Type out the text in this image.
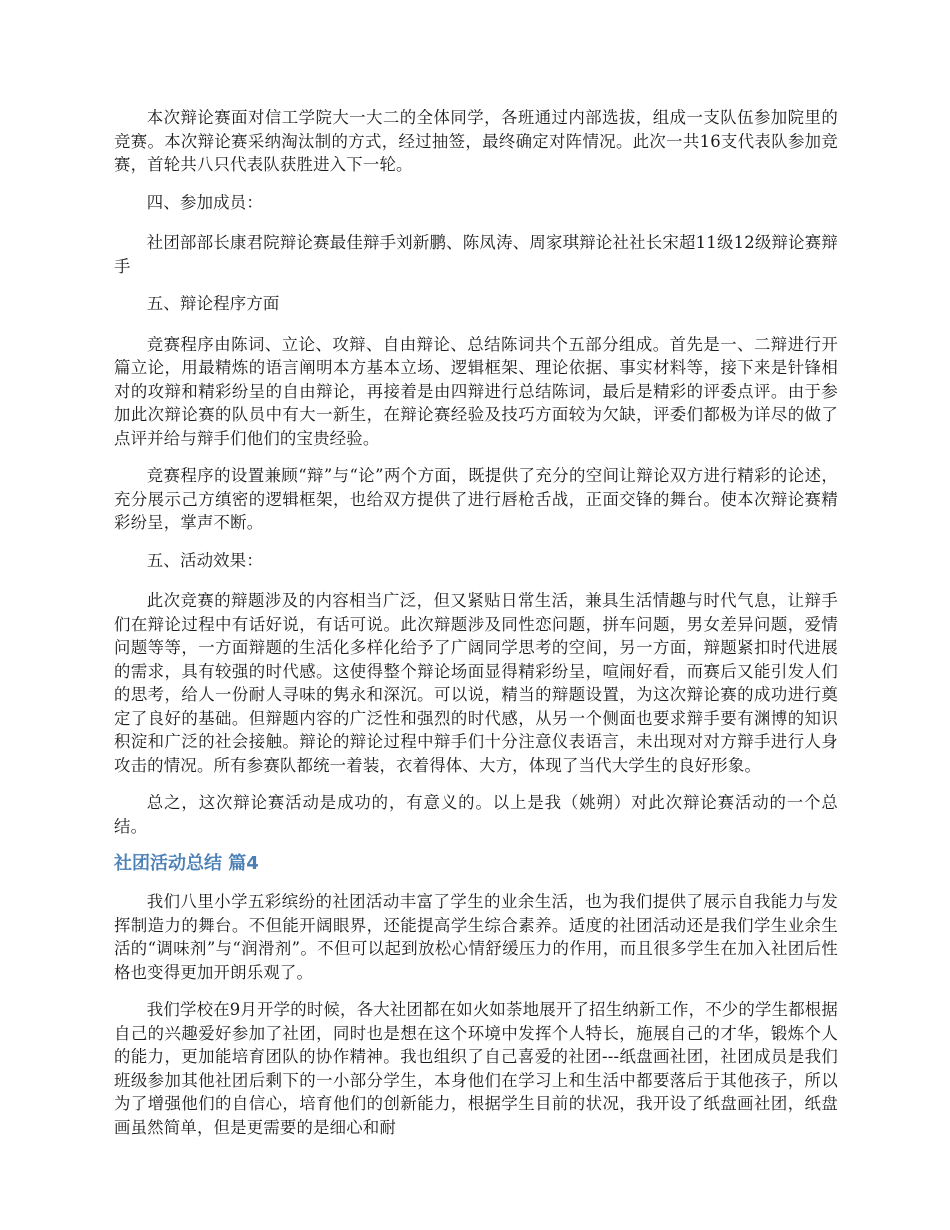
本次辩论赛面对信工学院大一大二的全体同学，各班通过内部选拔，组成一支队伍参加院里的竞赛。本次辩论赛采纳淘汰制的方式，经过抽签，最终确定对阵情况。此次一共16支代表队参加竞赛，首轮共八只代表队获胜进入下一轮。

四、参加成员：

社团部部长康君院辩论赛最佳辩手刘新鹏、陈凤涛、周家琪辩论社社长宋超11级12级辩论赛辩手

五、辩论程序方面

竞赛程序由陈词、立论、攻辩、自由辩论、总结陈词共个五部分组成。首先是一、二辩进行开篇立论，用最精炼的语言阐明本方基本立场、逻辑框架、理论依据、事实材料等，接下来是针锋相对的攻辩和精彩纷呈的自由辩论，再接着是由四辩进行总结陈词，最后是精彩的评委点评。由于参加此次辩论赛的队员中有大一新生，在辩论赛经验及技巧方面较为欠缺，评委们都极为详尽的做了点评并给与辩手们他们的宝贵经验。

竞赛程序的设置兼顾“辩”与“论”两个方面，既提供了充分的空间让辩论双方进行精彩的论述，充分展示己方缜密的逻辑框架，也给双方提供了进行唇枪舌战，正面交锋的舞台。使本次辩论赛精彩纷呈，掌声不断。

五、活动效果：

此次竞赛的辩题涉及的内容相当广泛，但又紧贴日常生活，兼具生活情趣与时代气息，让辩手们在辩论过程中有话好说，有话可说。此次辩题涉及同性恋问题，拼车问题，男女差异问题，爱情问题等等，一方面辩题的生活化多样化给予了广阔同学思考的空间，另一方面，辩题紧扣时代进展的需求，具有较强的时代感。这使得整个辩论场面显得精彩纷呈，喧闹好看，而赛后又能引发人们的思考，给人一份耐人寻味的隽永和深沉。可以说，精当的辩题设置，为这次辩论赛的成功进行奠定了良好的基础。但辩题内容的广泛性和强烈的时代感，从另一个侧面也要求辩手要有渊博的知识积淀和广泛的社会接触。辩论的辩论过程中辩手们十分注意仪表语言，未出现对对方辩手进行人身攻击的情况。所有参赛队都统一着装，衣着得体、大方，体现了当代大学生的良好形象。

总之，这次辩论赛活动是成功的，有意义的。以上是我（姚朔）对此次辩论赛活动的一个总结。

社团活动总结 篇4

我们八里小学五彩缤纷的社团活动丰富了学生的业余生活，也为我们提供了展示自我能力与发挥制造力的舞台。不但能开阔眼界，还能提高学生综合素养。适度的社团活动还是我们学生业余生活的“调味剂”与“润滑剂”。不但可以起到放松心情舒缓压力的作用，而且很多学生在加入社团后性格也变得更加开朗乐观了。

我们学校在9月开学的时候，各大社团都在如火如荼地展开了招生纳新工作，不少的学生都根据自己的兴趣爱好参加了社团，同时也是想在这个环境中发挥个人特长，施展自己的才华，锻炼个人的能力，更加能培育团队的协作精神。我也组织了自己喜爱的社团---纸盘画社团，社团成员是我们班级参加其他社团后剩下的一小部分学生，本身他们在学习上和生活中都要落后于其他孩子，所以为了增强他们的自信心，培育他们的创新能力，根据学生目前的状况，我开设了纸盘画社团，纸盘画虽然简单，但是更需要的是细心和耐
